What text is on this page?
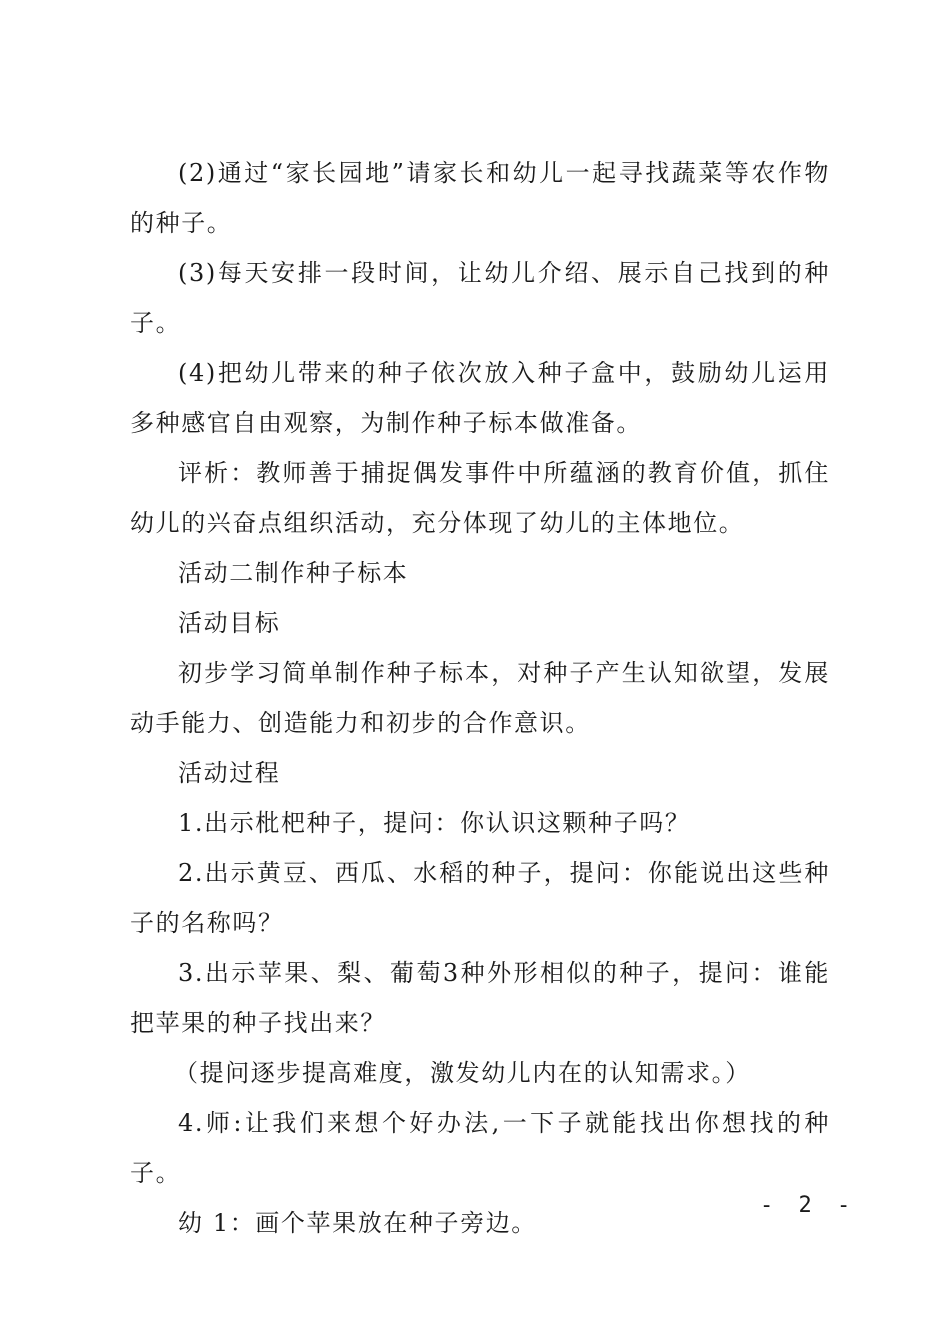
(2)通过“家长园地”请家长和幼儿一起寻找蔬菜等农作物的种子。

(3)每天安排一段时间，让幼儿介绍、展示自己找到的种子。

(4)把幼儿带来的种子依次放入种子盒中，鼓励幼儿运用多种感官自由观察，为制作种子标本做准备。

评析：教师善于捕捉偶发事件中所蕴涵的教育价值，抓住幼儿的兴奋点组织活动，充分体现了幼儿的主体地位。

活动二制作种子标本

活动目标

初步学习简单制作种子标本，对种子产生认知欲望，发展动手能力、创造能力和初步的合作意识。

活动过程

1.出示枇杷种子，提问：你认识这颗种子吗？

2.出示黄豆、西瓜、水稻的种子，提问：你能说出这些种子的名称吗？

3.出示苹果、梨、葡萄3种外形相似的种子，提问：谁能把苹果的种子找出来？

（提问逐步提高难度，激发幼儿内在的认知需求。）

4.师:让我们来想个好办法,一下子就能找出你想找的种子。

幼 1：画个苹果放在种子旁边。

- 2 -
